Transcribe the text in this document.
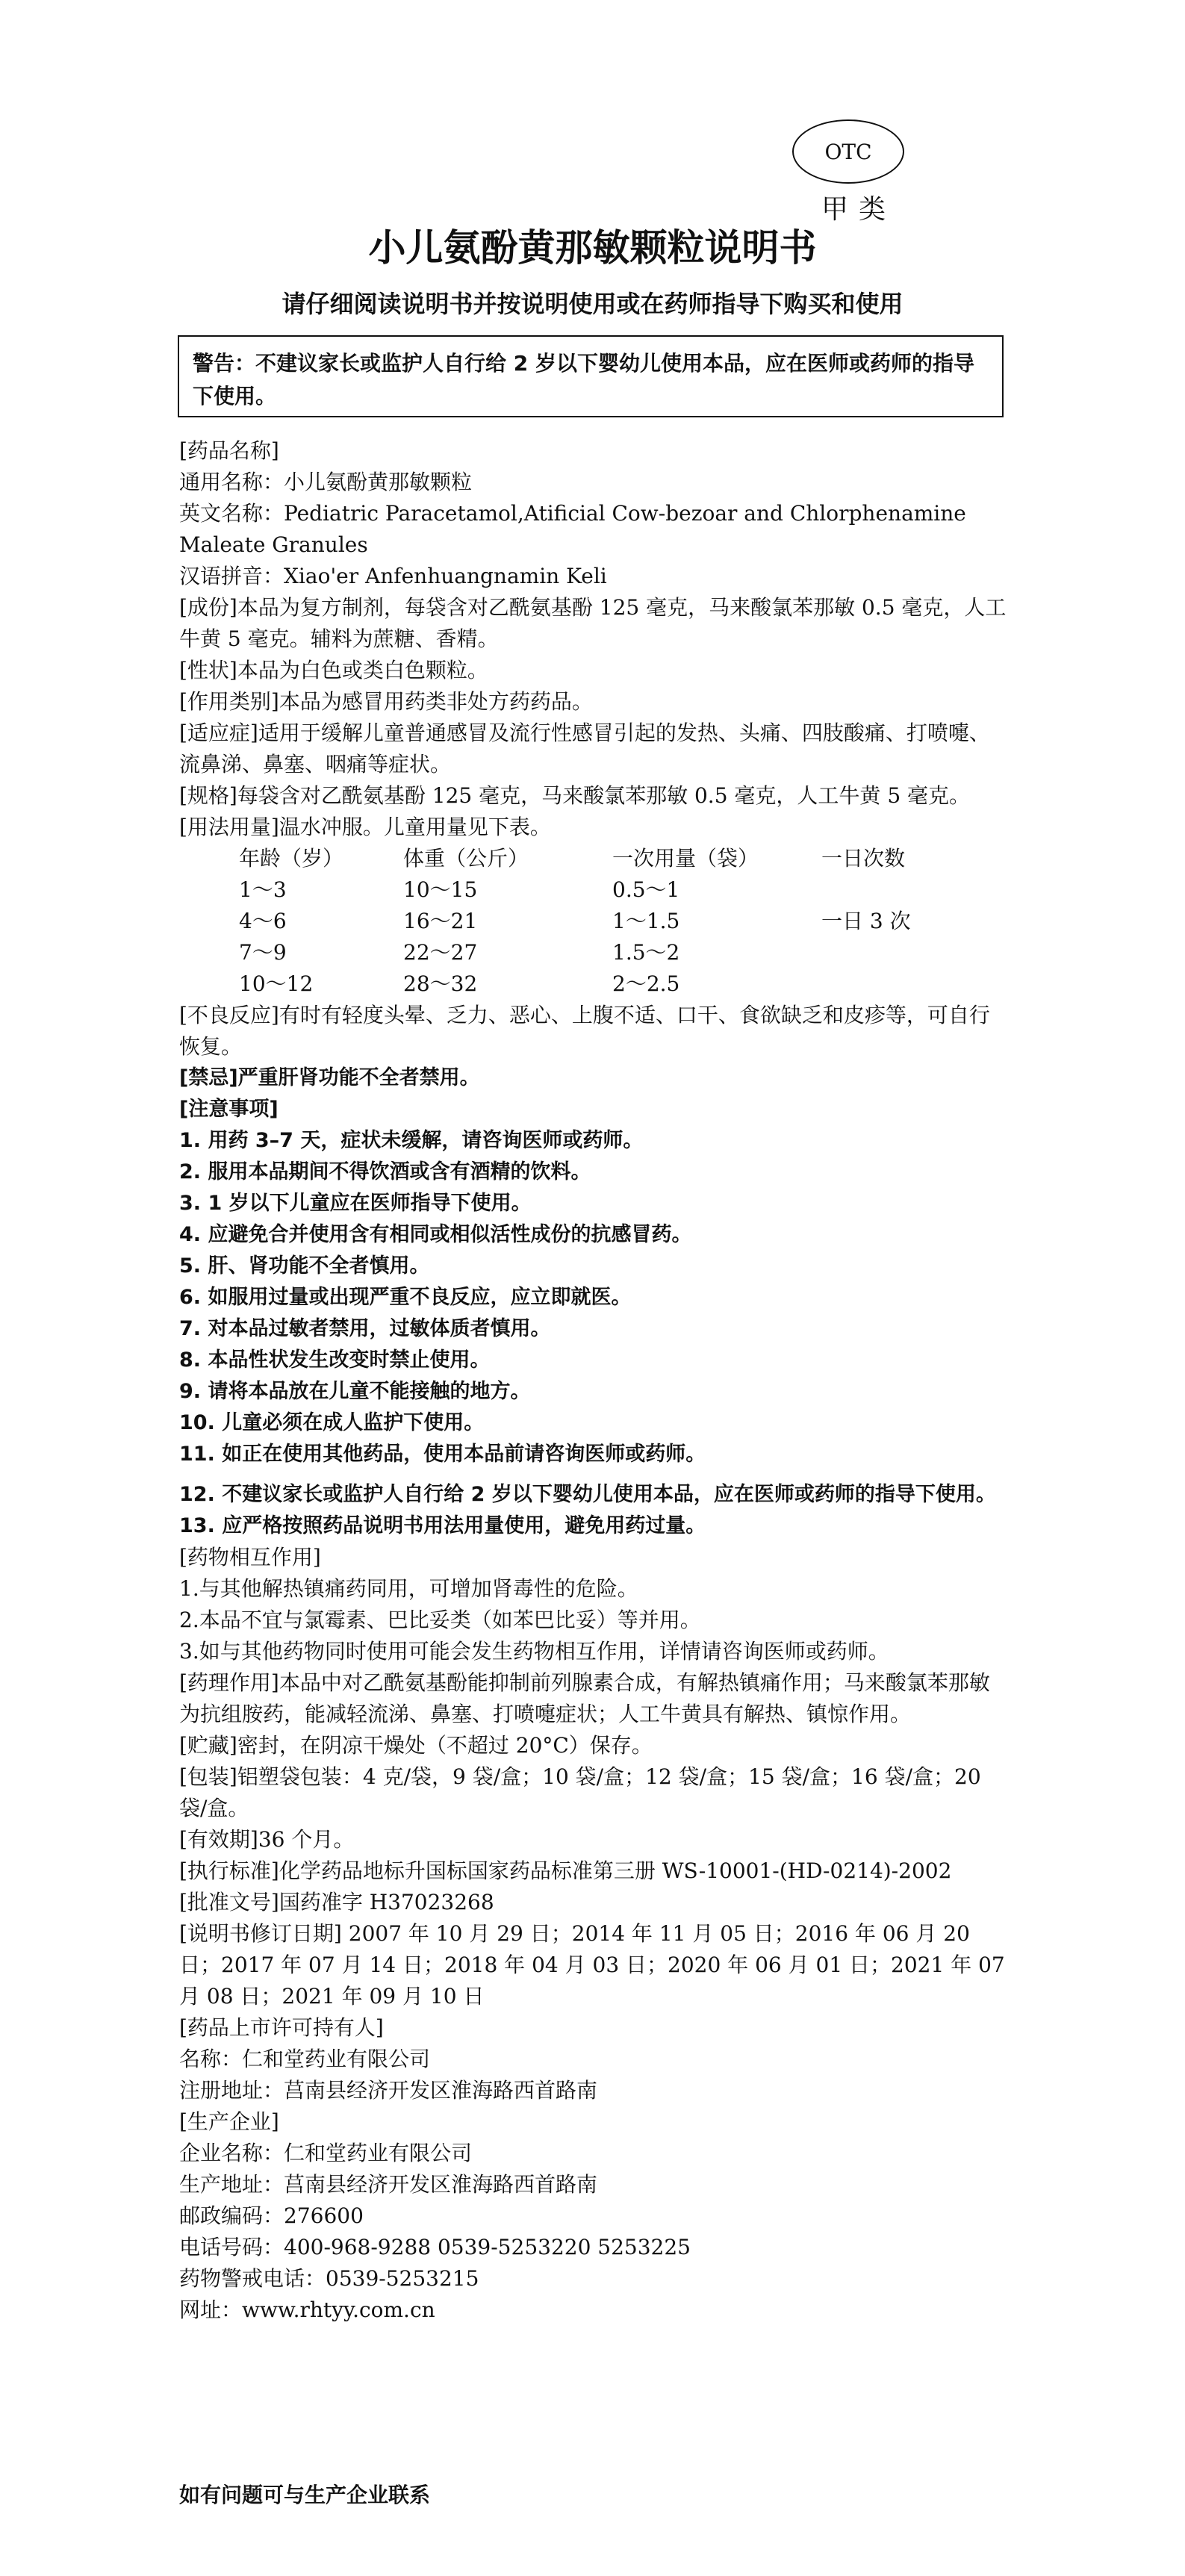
OTC
甲类
小儿氨酚黄那敏颗粒说明书
请仔细阅读说明书并按说明使用或在药师指导下购买和使用
警告：不建议家长或监护人自行给 2 岁以下婴幼儿使用本品，应在医师或药师的指导下使用。

[药品名称]

通用名称：小儿氨酚黄那敏颗粒

英文名称：Pediatric Paracetamol,Atificial Cow-bezoar and Chlorphenamine Maleate Granules

汉语拼音：Xiao'er Anfenhuangnamin Keli

[成份]本品为复方制剂，每袋含对乙酰氨基酚 125 毫克，马来酸氯苯那敏 0.5 毫克，人工牛黄 5 毫克。辅料为蔗糖、香精。

[性状]本品为白色或类白色颗粒。

[作用类别]本品为感冒用药类非处方药药品。

[适应症]适用于缓解儿童普通感冒及流行性感冒引起的发热、头痛、四肢酸痛、打喷嚏、流鼻涕、鼻塞、咽痛等症状。

[规格]每袋含对乙酰氨基酚 125 毫克，马来酸氯苯那敏 0.5 毫克，人工牛黄 5 毫克。

[用法用量]温水冲服。儿童用量见下表。

年龄（岁）	体重（公斤）	一次用量（袋）	一日次数
1～3	10～15	0.5～1	
4～6	16～21	1～1.5	一日 3 次
7～9	22～27	1.5～2	
10～12	28～32	2～2.5	

[不良反应]有时有轻度头晕、乏力、恶心、上腹不适、口干、食欲缺乏和皮疹等，可自行恢复。

[禁忌]严重肝肾功能不全者禁用。

[注意事项]

1. 用药 3–7 天，症状未缓解，请咨询医师或药师。

2. 服用本品期间不得饮酒或含有酒精的饮料。

3. 1 岁以下儿童应在医师指导下使用。

4. 应避免合并使用含有相同或相似活性成份的抗感冒药。

5. 肝、肾功能不全者慎用。

6. 如服用过量或出现严重不良反应，应立即就医。

7. 对本品过敏者禁用，过敏体质者慎用。

8. 本品性状发生改变时禁止使用。

9. 请将本品放在儿童不能接触的地方。

10. 儿童必须在成人监护下使用。

11. 如正在使用其他药品，使用本品前请咨询医师或药师。

12. 不建议家长或监护人自行给 2 岁以下婴幼儿使用本品，应在医师或药师的指导下使用。

13. 应严格按照药品说明书用法用量使用，避免用药过量。

[药物相互作用]

1.与其他解热镇痛药同用，可增加肾毒性的危险。

2.本品不宜与氯霉素、巴比妥类（如苯巴比妥）等并用。

3.如与其他药物同时使用可能会发生药物相互作用，详情请咨询医师或药师。

[药理作用]本品中对乙酰氨基酚能抑制前列腺素合成，有解热镇痛作用；马来酸氯苯那敏为抗组胺药，能减轻流涕、鼻塞、打喷嚏症状；人工牛黄具有解热、镇惊作用。

[贮藏]密封，在阴凉干燥处（不超过 20°C）保存。

[包装]铝塑袋包装：4 克/袋，9 袋/盒；10 袋/盒；12 袋/盒；15 袋/盒；16 袋/盒；20 袋/盒。

[有效期]36 个月。

[执行标准]化学药品地标升国标国家药品标准第三册 WS-10001-(HD-0214)-2002

[批准文号]国药准字 H37023268

[说明书修订日期] 2007 年 10 月 29 日；2014 年 11 月 05 日；2016 年 06 月 20 日；2017 年 07 月 14 日；2018 年 04 月 03 日；2020 年 06 月 01 日；2021 年 07 月 08 日；2021 年 09 月 10 日

[药品上市许可持有人]

名称：仁和堂药业有限公司

注册地址：莒南县经济开发区淮海路西首路南

[生产企业]

企业名称：仁和堂药业有限公司

生产地址：莒南县经济开发区淮海路西首路南

邮政编码：276600

电话号码：400-968-9288 0539-5253220 5253225

药物警戒电话：0539-5253215

网址：www.rhtyy.com.cn

如有问题可与生产企业联系
